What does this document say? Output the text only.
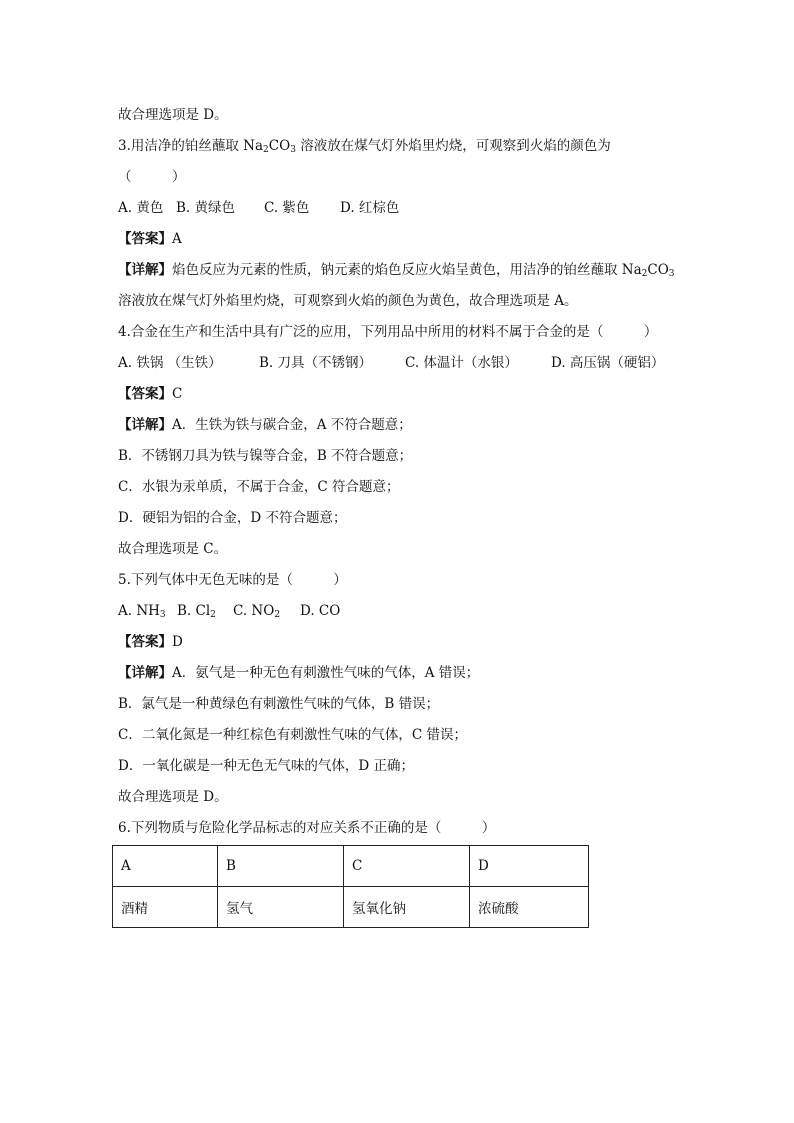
故合理选项是 D。
3.用洁净的铂丝蘸取 $Na_2CO_3$ 溶液放在煤气灯外焰里灼烧，可观察到火焰的颜色为
（　　　）
A. 黄色 B. 黄绿色 C. 紫色 D. 红棕色
【答案】A
【详解】焰色反应为元素的性质，钠元素的焰色反应火焰呈黄色，用洁净的铂丝蘸取 $Na_2CO_3$
溶液放在煤气灯外焰里灼烧，可观察到火焰的颜色为黄色，故合理选项是 A。
4.合金在生产和生活中具有广泛的应用，下列用品中所用的材料不属于合金的是（　　　）
A. 铁锅 （生铁）	B. 刀具（不锈钢） C. 体温计（水银） D. 高压锅（硬铝）
【答案】C
【详解】A．生铁为铁与碳合金，A 不符合题意；
B．不锈钢刀具为铁与镍等合金，B 不符合题意；
C．水银为汞单质，不属于合金，C 符合题意；
D．硬铝为铝的合金，D 不符合题意；
故合理选项是 C。
5.下列气体中无色无味的是（　　　）
A. $NH_3$ B. $Cl_2$ C. $NO_2$ D. CO
【答案】D
【详解】A．氨气是一种无色有刺激性气味的气体，A 错误；
B．氯气是一种黄绿色有刺激性气味的气体，B 错误；
C．二氧化氮是一种红棕色有刺激性气味的气体，C 错误；
D．一氧化碳是一种无色无气味的气体，D 正确；
故合理选项是 D。
6.下列物质与危险化学品标志的对应关系不正确的是（　　　）
A	B	C	D
酒精	氢气	氢氧化钠	浓硫酸
